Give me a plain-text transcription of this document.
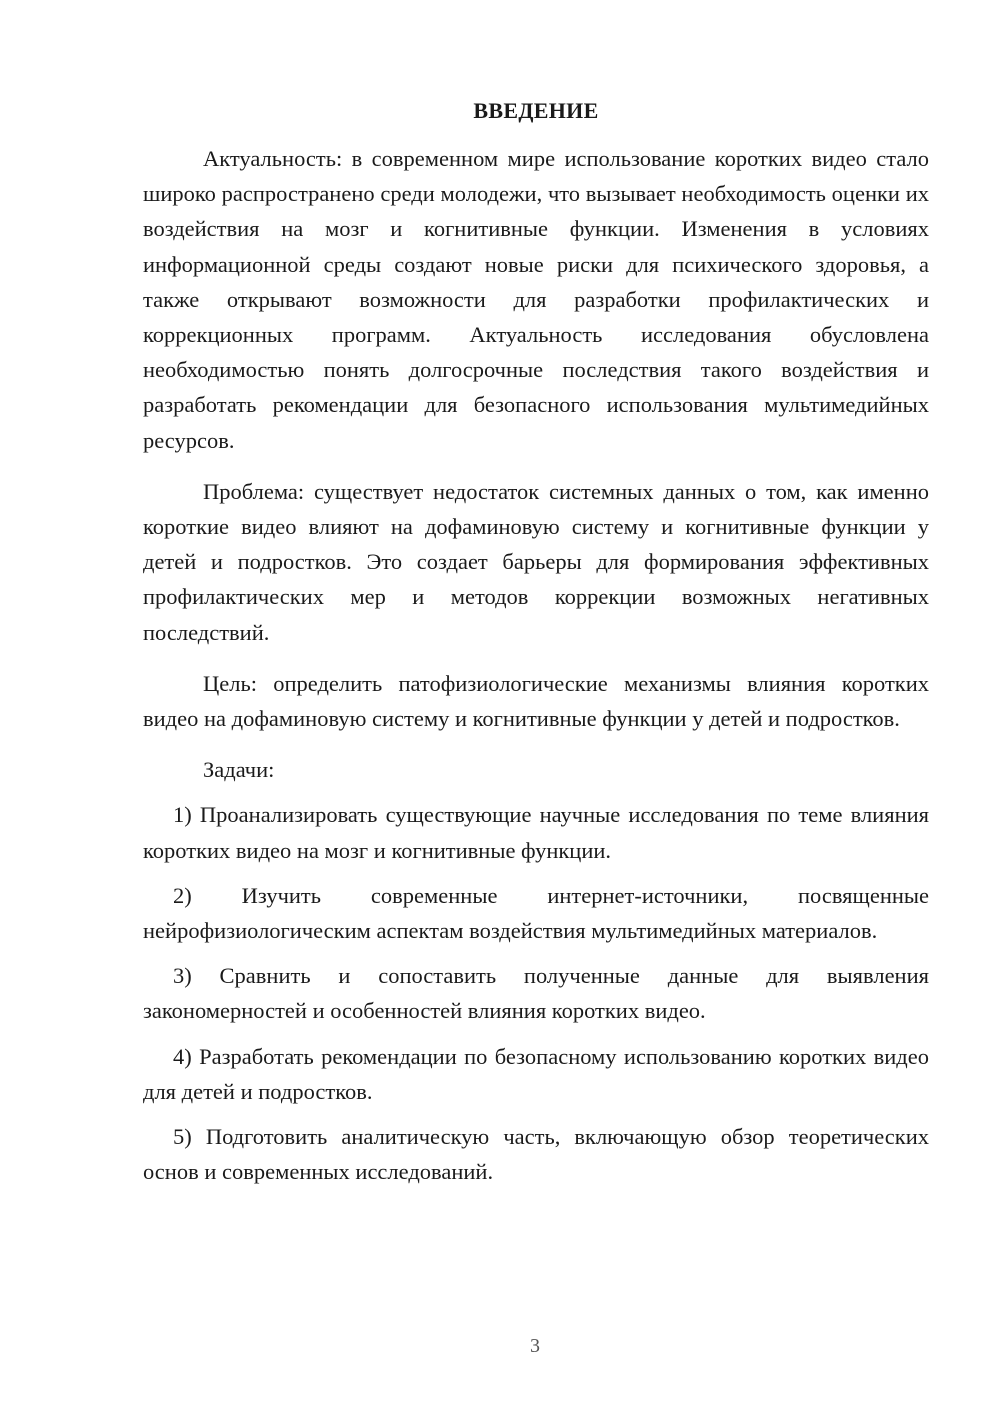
ВВЕДЕНИЕ

Актуальность: в современном мире использование коротких видео стало широко распространено среди молодежи, что вызывает необходимость оценки их воздействия на мозг и когнитивные функции. Изменения в условиях информационной среды создают новые риски для психического здоровья, а также открывают возможности для разработки профилактических и коррекционных программ. Актуальность исследования обусловлена необходимостью понять долгосрочные последствия такого воздействия и разработать рекомендации для безопасного использования мультимедийных ресурсов.

Проблема: существует недостаток системных данных о том, как именно короткие видео влияют на дофаминовую систему и когнитивные функции у детей и подростков. Это создает барьеры для формирования эффективных профилактических мер и методов коррекции возможных негативных последствий.

Цель: определить патофизиологические механизмы влияния коротких видео на дофаминовую систему и когнитивные функции у детей и подростков.

Задачи:

1) Проанализировать существующие научные исследования по теме влияния коротких видео на мозг и когнитивные функции.

2) Изучить современные интернет-источники, посвященные нейрофизиологическим аспектам воздействия мультимедийных материалов.

3) Сравнить и сопоставить полученные данные для выявления закономерностей и особенностей влияния коротких видео.

4) Разработать рекомендации по безопасному использованию коротких видео для детей и подростков.

5) Подготовить аналитическую часть, включающую обзор теоретических основ и современных исследований.

3
